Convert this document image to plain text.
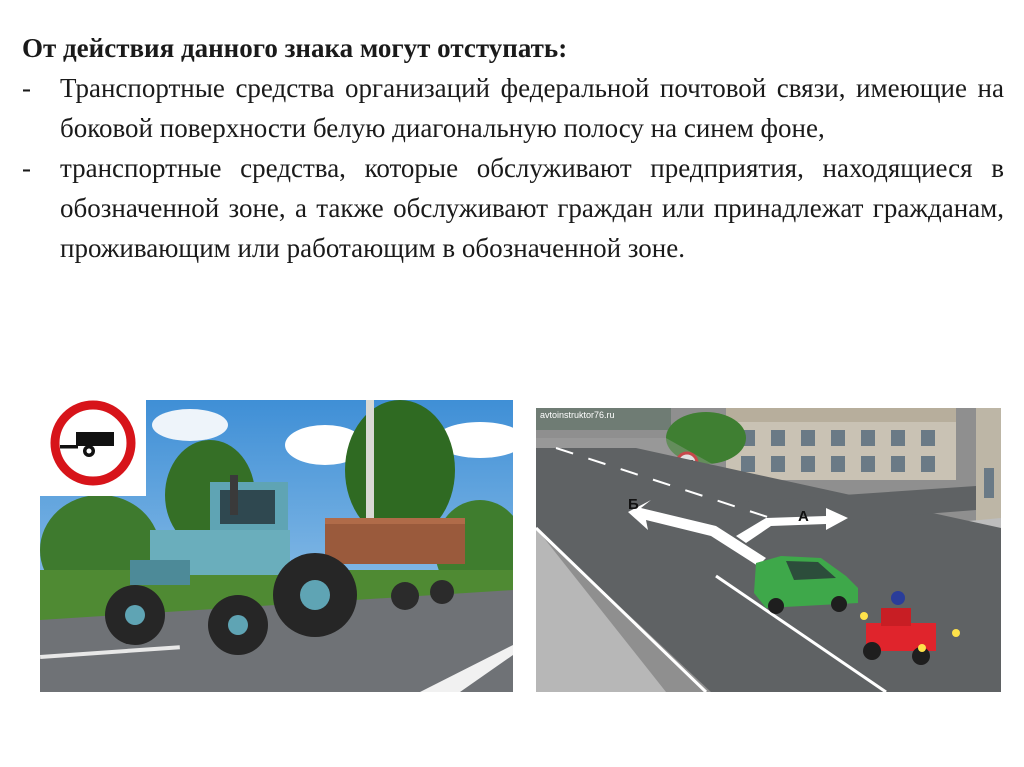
От действия данного знака могут отступать:

- Транспортные средства организаций федеральной почтовой связи, имеющие на боковой поверхности белую диагональную полосу на синем фоне,

- транспортные средства, которые обслуживают предприятия, находящиеся в обозначенной зоне, а также обслуживают граждан или принадлежат гражданам, проживающим или работающим в обозначенной зоне.

Б
А
avtoinstruktor76.ru
